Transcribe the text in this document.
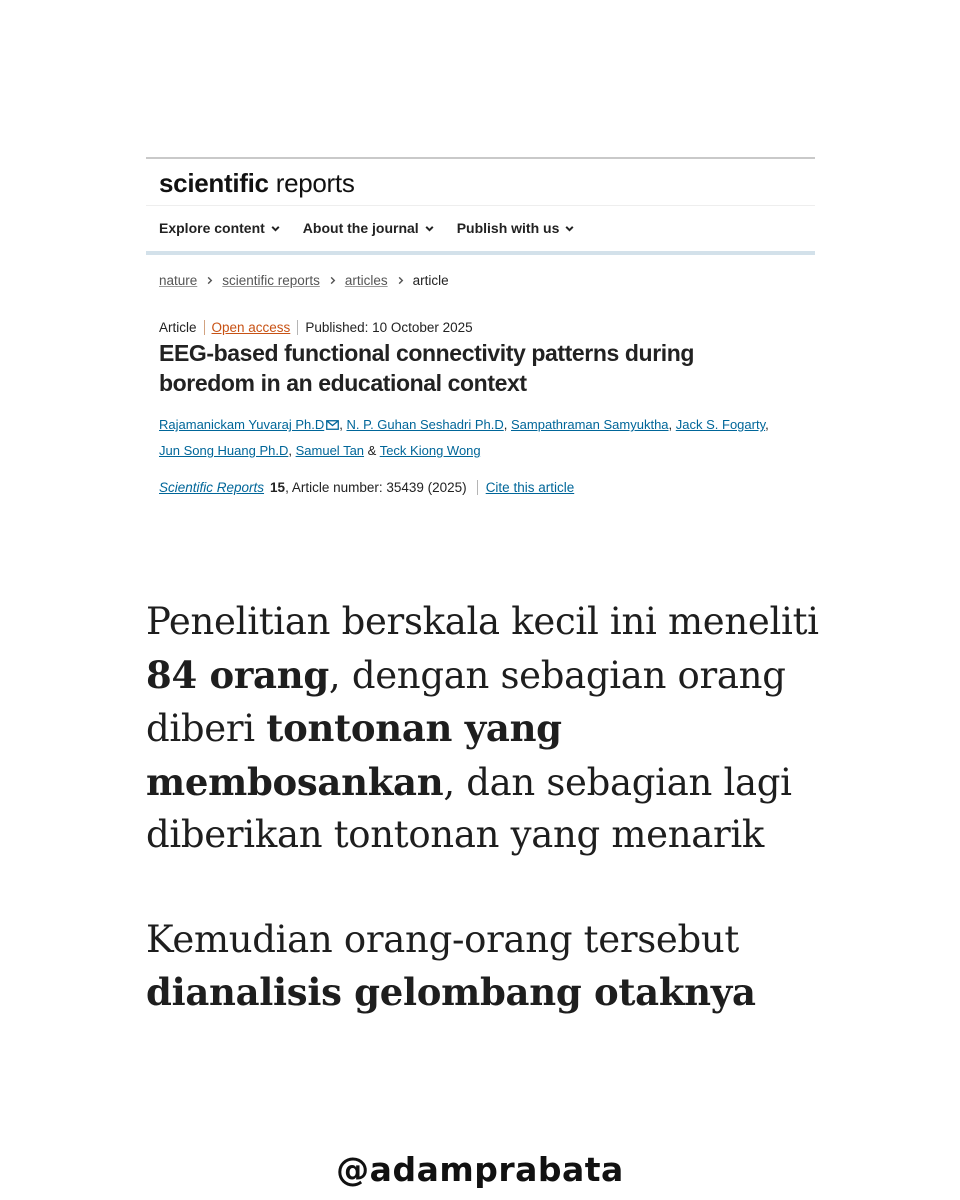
scientific reports
Explore content	About the journal	Publish with us
nature scientific reports articles article
Article Open access Published: 10 October 2025
EEG-based functional connectivity patterns during boredom in an educational context
Rajamanickam Yuvaraj Ph.D , N. P. Guhan Seshadri Ph.D, Sampathraman Samyuktha, Jack S. Fogarty,
Jun Song Huang Ph.D, Samuel Tan & Teck Kiong Wong
Scientific Reports 15 , Article number: 35439 (2025) Cite this article

Penelitian berskala kecil ini meneliti 84 orang, dengan sebagian orang diberi tontonan yang membosankan, dan sebagian lagi diberikan tontonan yang menarik

Kemudian orang-orang tersebut dianalisis gelombang otaknya

@adamprabata
